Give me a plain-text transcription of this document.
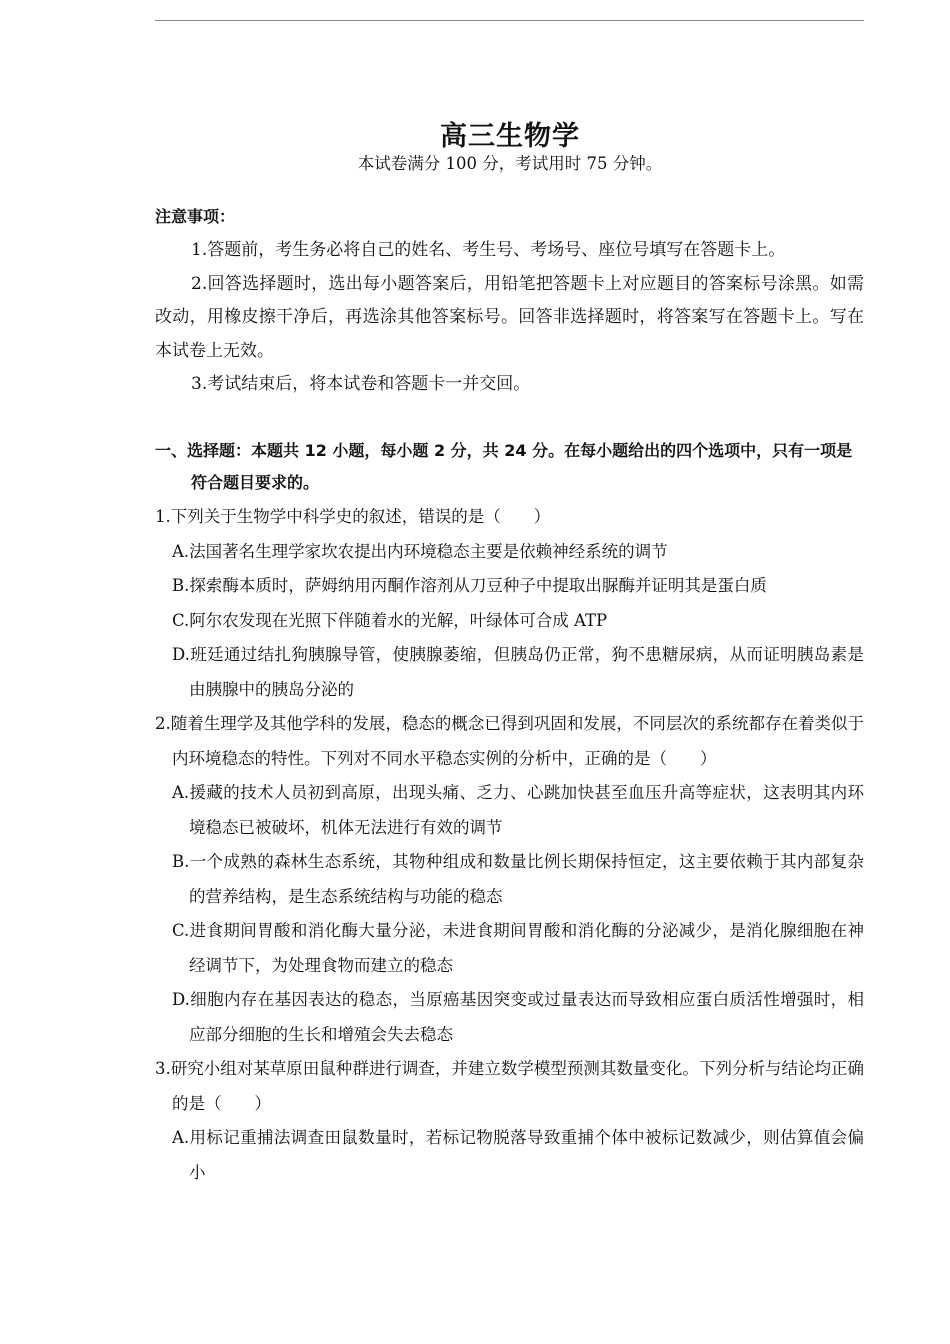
高三生物学
本试卷满分 100 分，考试用时 75 分钟。
注意事项：
1.答题前，考生务必将自己的姓名、考生号、考场号、座位号填写在答题卡上。
2.回答选择题时，选出每小题答案后，用铅笔把答题卡上对应题目的答案标号涂黑。如需改动，用橡皮擦干净后，再选涂其他答案标号。回答非选择题时，将答案写在答题卡上。写在本试卷上无效。
3.考试结束后，将本试卷和答题卡一并交回。
一、选择题：本题共 12 小题，每小题 2 分，共 24 分。在每小题给出的四个选项中，只有一项是符合题目要求的。
1.下列关于生物学中科学史的叙述，错误的是（　　）
A.法国著名生理学家坎农提出内环境稳态主要是依赖神经系统的调节
B.探索酶本质时，萨姆纳用丙酮作溶剂从刀豆种子中提取出脲酶并证明其是蛋白质
C.阿尔农发现在光照下伴随着水的光解，叶绿体可合成 ATP
D.班廷通过结扎狗胰腺导管，使胰腺萎缩，但胰岛仍正常，狗不患糖尿病，从而证明胰岛素是由胰腺中的胰岛分泌的
2.随着生理学及其他学科的发展，稳态的概念已得到巩固和发展，不同层次的系统都存在着类似于内环境稳态的特性。下列对不同水平稳态实例的分析中，正确的是（　　）
A.援藏的技术人员初到高原，出现头痛、乏力、心跳加快甚至血压升高等症状，这表明其内环境稳态已被破坏，机体无法进行有效的调节
B.一个成熟的森林生态系统，其物种组成和数量比例长期保持恒定，这主要依赖于其内部复杂的营养结构，是生态系统结构与功能的稳态
C.进食期间胃酸和消化酶大量分泌，未进食期间胃酸和消化酶的分泌减少，是消化腺细胞在神经调节下，为处理食物而建立的稳态
D.细胞内存在基因表达的稳态，当原癌基因突变或过量表达而导致相应蛋白质活性增强时，相应部分细胞的生长和增殖会失去稳态
3.研究小组对某草原田鼠种群进行调查，并建立数学模型预测其数量变化。下列分析与结论均正确的是（　　）
A.用标记重捕法调查田鼠数量时，若标记物脱落导致重捕个体中被标记数减少，则估算值会偏小
